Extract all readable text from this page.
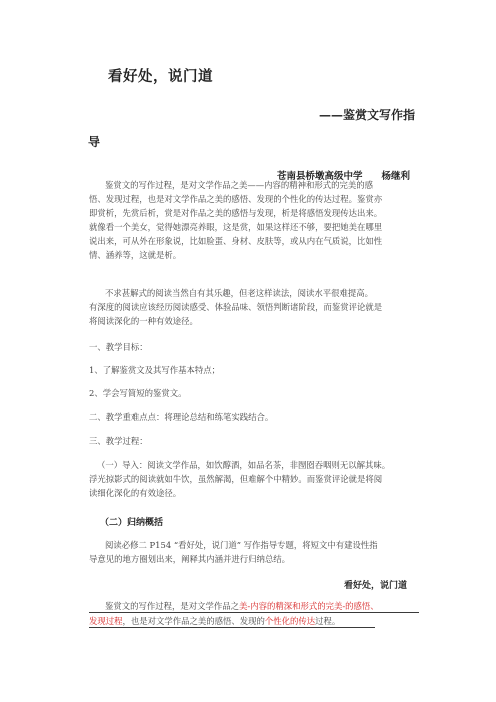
看好处，说门道
——鉴赏文写作指
导
苍南县桥墩高级中学　　杨继利
鉴赏文的写作过程，是对文学作品之美——内容的精神和形式的完美的感
悟、发现过程，也是对文学作品之美的感悟、发现的个性化的传达过程。鉴赏亦
即赏析，先赏后析，赏是对作品之美的感悟与发现，析是将感悟发现传达出来。
就像看一个美女，觉得她漂亮养眼，这是赏，如果这样还不够，要把她美在哪里
说出来，可从外在形象说，比如脸蛋、身材、皮肤等，或从内在气质说，比如性
情、涵养等，这就是析。
不求甚解式的阅读当然自有其乐趣，但老这样读法，阅读水平很难提高。
有深度的阅读应该经历阅读感受、体验品味、领悟判断诸阶段，而鉴赏评论就是
将阅读深化的一种有效途径。
一、教学目标：
1、了解鉴赏文及其写作基本特点；
2、学会写简短的鉴赏文。
二、教学重难点点：将理论总结和练笔实践结合。
三、教学过程：
（一）导入：阅读文学作品，如饮醇酒，如品名茶，非囫囵吞咽则无以解其味。
浮光掠影式的阅读就如牛饮，虽然解渴，但难解个中精妙。而鉴赏评论就是将阅
读细化深化的有效途径。
（二）归纳概括
阅读必修二 P154 “看好处，说门道” 写作指导专题，将短文中有建设性指
导意见的地方圈划出来，阐释其内涵并进行归纳总结。
看好处，说门道
鉴赏文的写作过程，是对文学作品之美-内容的精深和形式的完美-的感悟、
发现过程，也是对文学作品之美的感悟、发现的个性化的传达过程。
